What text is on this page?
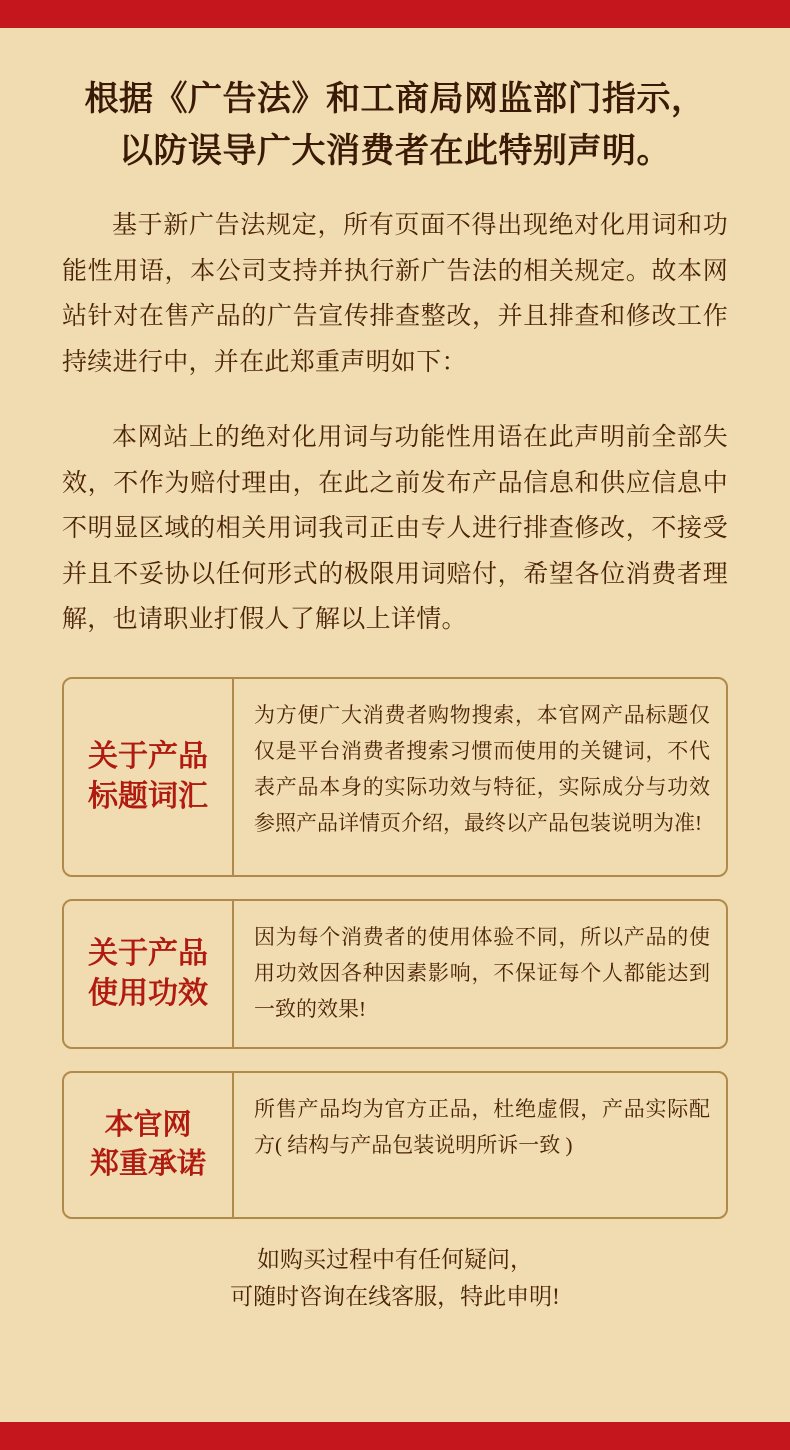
根据《广告法》和工商局网监部门指示，
以防误导广大消费者在此特别声明。

基于新广告法规定，所有页面不得出现绝对化用词和功能性用语，本公司支持并执行新广告法的相关规定。故本网站针对在售产品的广告宣传排查整改，并且排查和修改工作持续进行中，并在此郑重声明如下：

本网站上的绝对化用词与功能性用语在此声明前全部失效，不作为赔付理由，在此之前发布产品信息和供应信息中不明显区域的相关用词我司正由专人进行排查修改，不接受并且不妥协以任何形式的极限用词赔付，希望各位消费者理解，也请职业打假人了解以上详情。

关于产品
标题词汇
为方便广大消费者购物搜索，本官网产品标题仅仅是平台消费者搜索习惯而使用的关键词，不代表产品本身的实际功效与特征，实际成分与功效参照产品详情页介绍，最终以产品包装说明为准!
关于产品
使用功效
因为每个消费者的使用体验不同，所以产品的使用功效因各种因素影响，不保证每个人都能达到一致的效果!
本官网
郑重承诺
所售产品均为官方正品，杜绝虚假，产品实际配方( 结构与产品包装说明所诉一致 )
如购买过程中有任何疑问，
可随时咨询在线客服，特此申明!
